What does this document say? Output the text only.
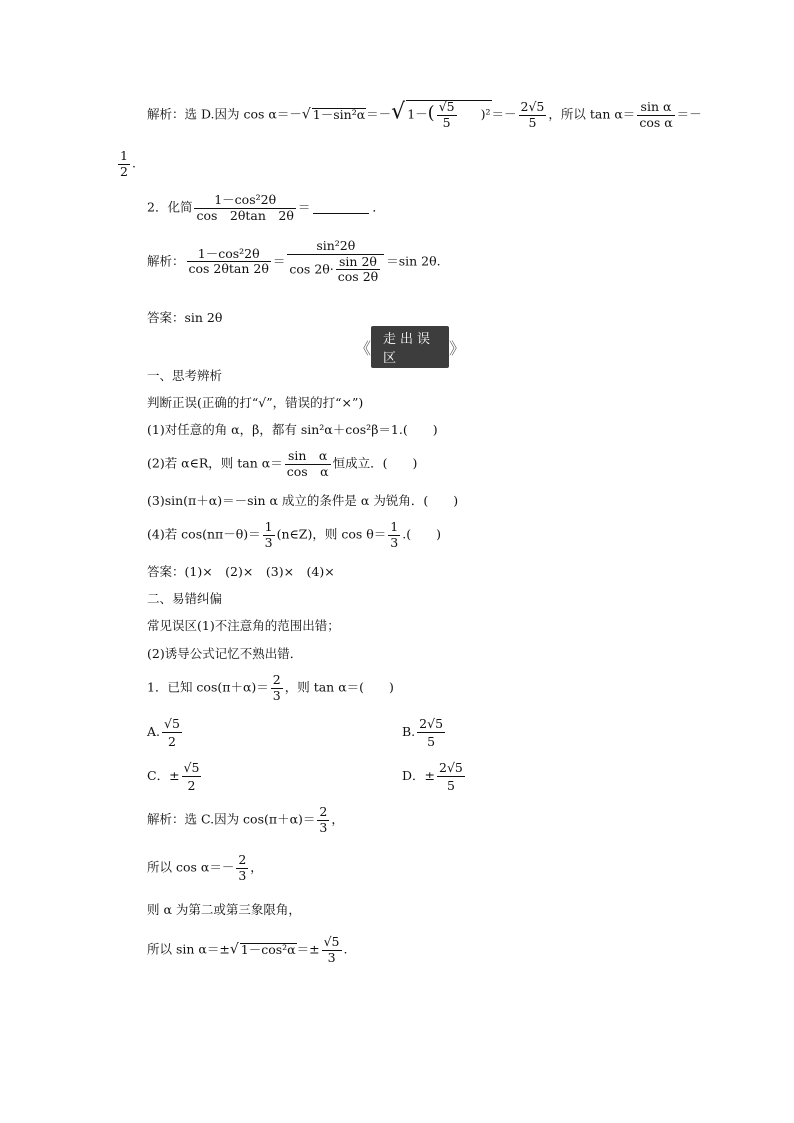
解析：选 D.因为 cos α＝－√ 1－sin²α＝－√ $1-( \frac{√5}{5} )^2=- \frac{2√5}{5}$ ，所以 $\tan \alpha= \frac{\text{sin α}}{\text{cos α}}$ ＝－
$\frac{1}{2}$ .
2．化简 $\frac{\text{1－cos²2θ}}{\cos 2\theta\tan 2\theta}$ ＝	．
解析： $\frac{\text{1－cos²2θ}}{\cos 2\theta\tan 2\theta} = \frac{\text{sin²2θ}}{\cos 2\theta\cdot \frac{\sin 2\theta}{\cos 2\theta}} =\sin$ 2θ.
答案：sin 2θ
《 走出误区
》
一、思考辨析
判断正误(正确的打“√”，错误的打“×”)
(1)对任意的角 α，β，都有 sin²α＋cos²β＝1.(　　)
(2)若 α∈R，则 $\tan \alpha= \frac{\text{sin　α}}{\text{cos　α}}$ 恒成立．(　　)
(3)sin(π＋α)＝－sin α 成立的条件是 α 为锐角．(　　)
(4)若 $\cos(n\pi-\theta)= \frac{1}{3}$ (n∈Z)，则 $\cos \theta= \frac{1}{3}$ .(　　)
答案：(1)×　(2)×　(3)×　(4)×
二、易错纠偏
常见误区(1)不注意角的范围出错；
(2)诱导公式记忆不熟出错．
1．已知 $\cos(\pi+\alpha)= \frac{2}{3}$ ，则 tan α＝(　　)
A. $\frac{√5}{2}$	B. $\frac{2√5}{5}$
C．± $\frac{√5}{2}$	D．± $\frac{2√5}{5}$
解析：选 C.因为 $\cos(\pi+\alpha)= \frac{2}{3}$ ，
所以 $\cos \alpha=- \frac{2}{3}$ ，
则 α 为第二或第三象限角，
所以 sin α＝±√ $1-\cos^2\alpha=\pm \frac{√5}{3}$ .
